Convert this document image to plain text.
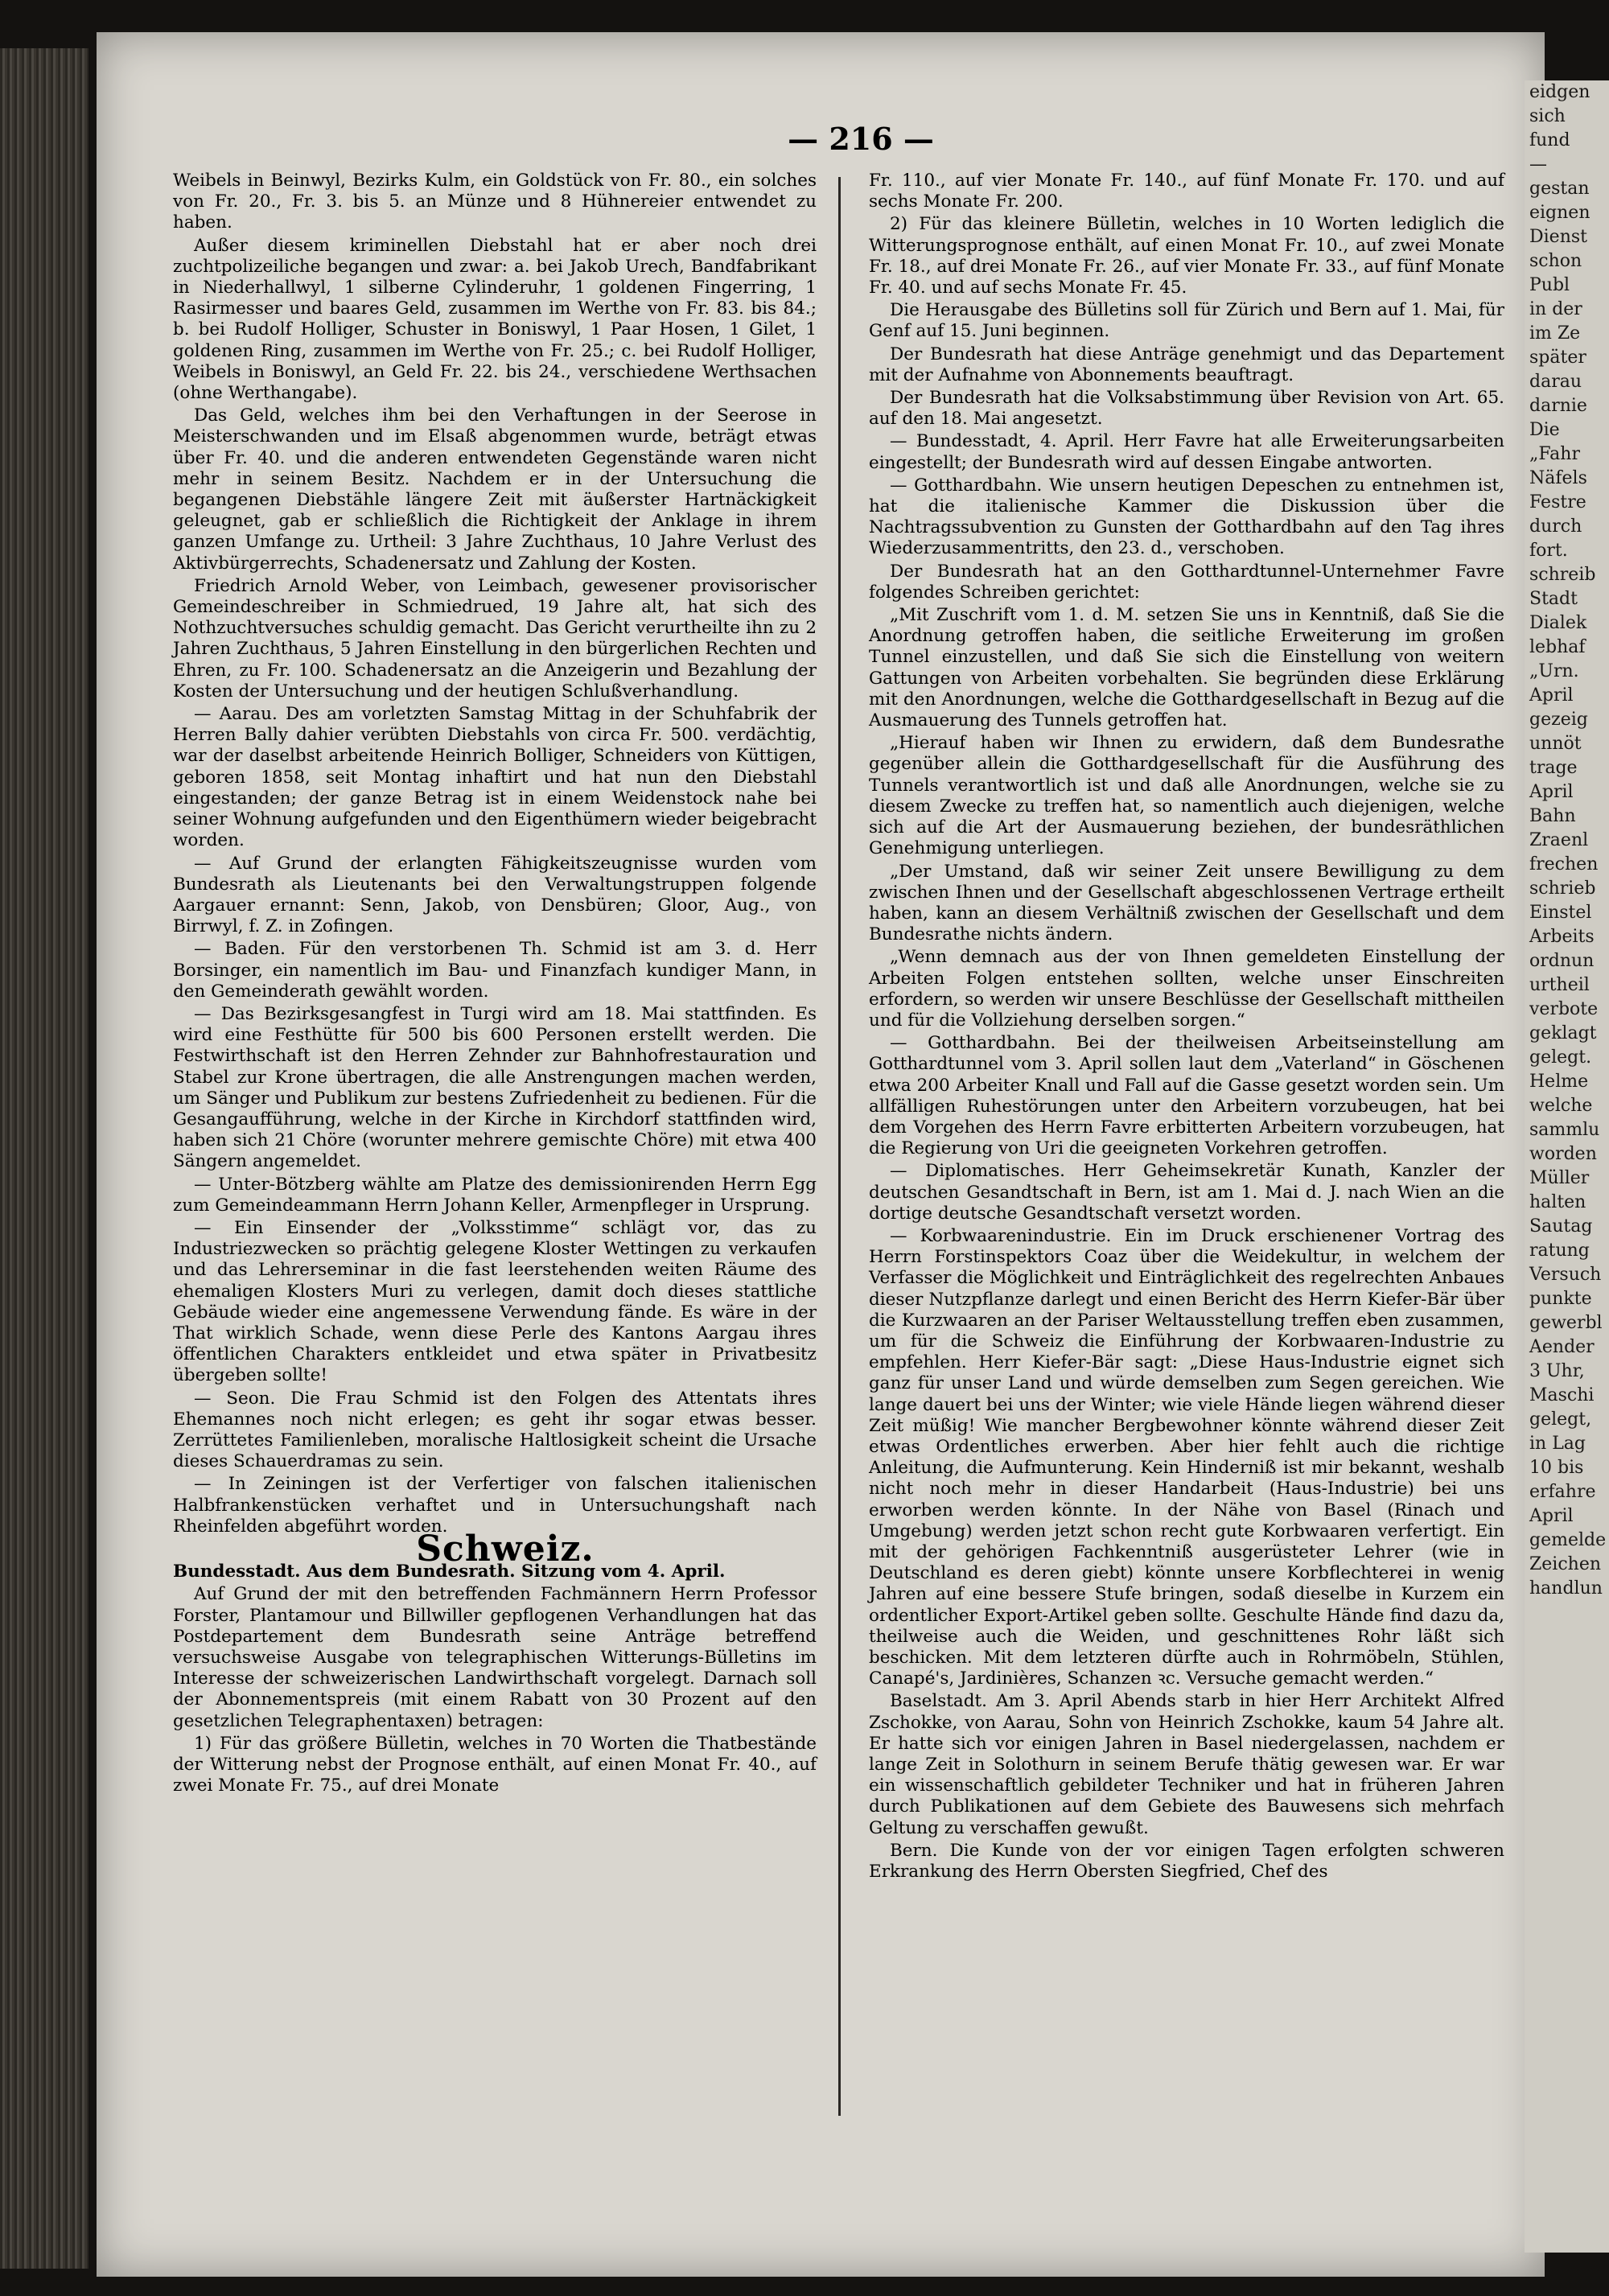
— 216 —

Weibels in Beinwyl, Bezirks Kulm, ein Goldstück von Fr. 80., ein solches von Fr. 20., Fr. 3. bis 5. an Münze und 8 Hühnereier entwendet zu haben.

Außer diesem kriminellen Diebstahl hat er aber noch drei zuchtpolizeiliche begangen und zwar: a. bei Jakob Urech, Bandfabrikant in Niederhallwyl, 1 silberne Cylinderuhr, 1 goldenen Fingerring, 1 Rasirmesser und baares Geld, zusammen im Werthe von Fr. 83. bis 84.; b. bei Rudolf Holliger, Schuster in Boniswyl, 1 Paar Hosen, 1 Gilet, 1 goldenen Ring, zusammen im Werthe von Fr. 25.; c. bei Rudolf Holliger, Weibels in Boniswyl, an Geld Fr. 22. bis 24., verschiedene Werthsachen (ohne Werthangabe).

Das Geld, welches ihm bei den Verhaftungen in der Seerose in Meisterschwanden und im Elsaß abgenommen wurde, beträgt etwas über Fr. 40. und die anderen entwendeten Gegenstände waren nicht mehr in seinem Besitz. Nachdem er in der Untersuchung die begangenen Diebstähle längere Zeit mit äußerster Hartnäckigkeit geleugnet, gab er schließlich die Richtigkeit der Anklage in ihrem ganzen Umfange zu. Urtheil: 3 Jahre Zuchthaus, 10 Jahre Verlust des Aktivbürgerrechts, Schadenersatz und Zahlung der Kosten.

Friedrich Arnold Weber, von Leimbach, gewesener provisorischer Gemeindeschreiber in Schmiedrued, 19 Jahre alt, hat sich des Nothzuchtversuches schuldig gemacht. Das Gericht verurtheilte ihn zu 2 Jahren Zuchthaus, 5 Jahren Einstellung in den bürgerlichen Rechten und Ehren, zu Fr. 100. Schadenersatz an die Anzeigerin und Bezahlung der Kosten der Untersuchung und der heutigen Schlußverhandlung.

— Aarau. Des am vorletzten Samstag Mittag in der Schuhfabrik der Herren Bally dahier verübten Diebstahls von circa Fr. 500. verdächtig, war der daselbst arbeitende Heinrich Bolliger, Schneiders von Küttigen, geboren 1858, seit Montag inhaftirt und hat nun den Diebstahl eingestanden; der ganze Betrag ist in einem Weidenstock nahe bei seiner Wohnung aufgefunden und den Eigenthümern wieder beigebracht worden.

— Auf Grund der erlangten Fähigkeitszeugnisse wurden vom Bundesrath als Lieutenants bei den Verwaltungstruppen folgende Aargauer ernannt: Senn, Jakob, von Densbüren; Gloor, Aug., von Birrwyl, f. Z. in Zofingen.

— Baden. Für den verstorbenen Th. Schmid ist am 3. d. Herr Borsinger, ein namentlich im Bau- und Finanzfach kundiger Mann, in den Gemeinderath gewählt worden.

— Das Bezirksgesangfest in Turgi wird am 18. Mai stattfinden. Es wird eine Festhütte für 500 bis 600 Personen erstellt werden. Die Festwirthschaft ist den Herren Zehnder zur Bahnhofrestauration und Stabel zur Krone übertragen, die alle Anstrengungen machen werden, um Sänger und Publikum zur bestens Zufriedenheit zu bedienen. Für die Gesangaufführung, welche in der Kirche in Kirchdorf stattfinden wird, haben sich 21 Chöre (worunter mehrere gemischte Chöre) mit etwa 400 Sängern angemeldet.

— Unter-Bötzberg wählte am Platze des demissionirenden Herrn Egg zum Gemeindeammann Herrn Johann Keller, Armenpfleger in Ursprung.

— Ein Einsender der „Volksstimme“ schlägt vor, das zu Industriezwecken so prächtig gelegene Kloster Wettingen zu verkaufen und das Lehrerseminar in die fast leerstehenden weiten Räume des ehemaligen Klosters Muri zu verlegen, damit doch dieses stattliche Gebäude wieder eine angemessene Verwendung fände. Es wäre in der That wirklich Schade, wenn diese Perle des Kantons Aargau ihres öffentlichen Charakters entkleidet und etwa später in Privatbesitz übergeben sollte!

— Seon. Die Frau Schmid ist den Folgen des Attentats ihres Ehemannes noch nicht erlegen; es geht ihr sogar etwas besser. Zerrüttetes Familienleben, moralische Haltlosigkeit scheint die Ursache dieses Schauerdramas zu sein.

— In Zeiningen ist der Verfertiger von falschen italienischen Halbfrankenstücken verhaftet und in Untersuchungshaft nach Rheinfelden abgeführt worden.

Schweiz.

Bundesstadt. Aus dem Bundesrath. Sitzung vom 4. April.

Auf Grund der mit den betreffenden Fachmännern Herrn Professor Forster, Plantamour und Billwiller gepflogenen Verhandlungen hat das Postdepartement dem Bundesrath seine Anträge betreffend versuchsweise Ausgabe von telegraphischen Witterungs-Bülletins im Interesse der schweizerischen Landwirthschaft vorgelegt. Darnach soll der Abonnementspreis (mit einem Rabatt von 30 Prozent auf den gesetzlichen Telegraphentaxen) betragen:

1) Für das größere Bülletin, welches in 70 Worten die Thatbestände der Witterung nebst der Prognose enthält, auf einen Monat Fr. 40., auf zwei Monate Fr. 75., auf drei Monate

Fr. 110., auf vier Monate Fr. 140., auf fünf Monate Fr. 170. und auf sechs Monate Fr. 200.

2) Für das kleinere Bülletin, welches in 10 Worten lediglich die Witterungsprognose enthält, auf einen Monat Fr. 10., auf zwei Monate Fr. 18., auf drei Monate Fr. 26., auf vier Monate Fr. 33., auf fünf Monate Fr. 40. und auf sechs Monate Fr. 45.

Die Herausgabe des Bülletins soll für Zürich und Bern auf 1. Mai, für Genf auf 15. Juni beginnen.

Der Bundesrath hat diese Anträge genehmigt und das Departement mit der Aufnahme von Abonnements beauftragt.

Der Bundesrath hat die Volksabstimmung über Revision von Art. 65. auf den 18. Mai angesetzt.

— Bundesstadt, 4. April. Herr Favre hat alle Erweiterungsarbeiten eingestellt; der Bundesrath wird auf dessen Eingabe antworten.

— Gotthardbahn. Wie unsern heutigen Depeschen zu entnehmen ist, hat die italienische Kammer die Diskussion über die Nachtragssubvention zu Gunsten der Gotthardbahn auf den Tag ihres Wiederzusammentritts, den 23. d., verschoben.

Der Bundesrath hat an den Gotthardtunnel-Unternehmer Favre folgendes Schreiben gerichtet:

„Mit Zuschrift vom 1. d. M. setzen Sie uns in Kenntniß, daß Sie die Anordnung getroffen haben, die seitliche Erweiterung im großen Tunnel einzustellen, und daß Sie sich die Einstellung von weitern Gattungen von Arbeiten vorbehalten. Sie begründen diese Erklärung mit den Anordnungen, welche die Gotthardgesellschaft in Bezug auf die Ausmauerung des Tunnels getroffen hat.

„Hierauf haben wir Ihnen zu erwidern, daß dem Bundesrathe gegenüber allein die Gotthardgesellschaft für die Ausführung des Tunnels verantwortlich ist und daß alle Anordnungen, welche sie zu diesem Zwecke zu treffen hat, so namentlich auch diejenigen, welche sich auf die Art der Ausmauerung beziehen, der bundesräthlichen Genehmigung unterliegen.

„Der Umstand, daß wir seiner Zeit unsere Bewilligung zu dem zwischen Ihnen und der Gesellschaft abgeschlossenen Vertrage ertheilt haben, kann an diesem Verhältniß zwischen der Gesellschaft und dem Bundesrathe nichts ändern.

„Wenn demnach aus der von Ihnen gemeldeten Einstellung der Arbeiten Folgen entstehen sollten, welche unser Einschreiten erfordern, so werden wir unsere Beschlüsse der Gesellschaft mittheilen und für die Vollziehung derselben sorgen.“

— Gotthardbahn. Bei der theilweisen Arbeitseinstellung am Gotthardtunnel vom 3. April sollen laut dem „Vaterland“ in Göschenen etwa 200 Arbeiter Knall und Fall auf die Gasse gesetzt worden sein. Um allfälligen Ruhestörungen unter den Arbeitern vorzubeugen, hat bei dem Vorgehen des Herrn Favre erbitterten Arbeitern vorzubeugen, hat die Regierung von Uri die geeigneten Vorkehren getroffen.

— Diplomatisches. Herr Geheimsekretär Kunath, Kanzler der deutschen Gesandtschaft in Bern, ist am 1. Mai d. J. nach Wien an die dortige deutsche Gesandtschaft versetzt worden.

— Korbwaarenindustrie. Ein im Druck erschienener Vortrag des Herrn Forstinspektors Coaz über die Weidekultur, in welchem der Verfasser die Möglichkeit und Einträglichkeit des regelrechten Anbaues dieser Nutzpflanze darlegt und einen Bericht des Herrn Kiefer-Bär über die Kurzwaaren an der Pariser Weltausstellung treffen eben zusammen, um für die Schweiz die Einführung der Korbwaaren-Industrie zu empfehlen. Herr Kiefer-Bär sagt: „Diese Haus-Industrie eignet sich ganz für unser Land und würde demselben zum Segen gereichen. Wie lange dauert bei uns der Winter; wie viele Hände liegen während dieser Zeit müßig! Wie mancher Bergbewohner könnte während dieser Zeit etwas Ordentliches erwerben. Aber hier fehlt auch die richtige Anleitung, die Aufmunterung. Kein Hinderniß ist mir bekannt, weshalb nicht noch mehr in dieser Handarbeit (Haus-Industrie) bei uns erworben werden könnte. In der Nähe von Basel (Rinach und Umgebung) werden jetzt schon recht gute Korbwaaren verfertigt. Ein mit der gehörigen Fachkenntniß ausgerüsteter Lehrer (wie in Deutschland es deren giebt) könnte unsere Korbflechterei in wenig Jahren auf eine bessere Stufe bringen, sodaß dieselbe in Kurzem ein ordentlicher Export-Artikel geben sollte. Geschulte Hände find dazu da, theilweise auch die Weiden, und geschnittenes Rohr läßt sich beschicken. Mit dem letzteren dürfte auch in Rohrmöbeln, Stühlen, Canapé's, Jardinières, Schanzen ꝛc. Versuche gemacht werden.“

Baselstadt. Am 3. April Abends starb in hier Herr Architekt Alfred Zschokke, von Aarau, Sohn von Heinrich Zschokke, kaum 54 Jahre alt. Er hatte sich vor einigen Jahren in Basel niedergelassen, nachdem er lange Zeit in Solothurn in seinem Berufe thätig gewesen war. Er war ein wissenschaftlich gebildeter Techniker und hat in früheren Jahren durch Publikationen auf dem Gebiete des Bauwesens sich mehrfach Geltung zu verschaffen gewußt.

Bern. Die Kunde von der vor einigen Tagen erfolgten schweren Erkrankung des Herrn Obersten Siegfried, Chef des

eidgen
sich
fund
—
gestan
eignen
Dienst
schon
Publ
in der
im Ze
später
darau
darnie
Die
„Fahr
Näfels
Festre
durch
fort.
schreib
Stadt
Dialek
lebhaf
„Urn.
April
gezeig
unnöt
trage
April
Bahn
Zraenl
frechen
schrieb
Einstel
Arbeits
ordnun
urtheil
verbote
geklagt
gelegt.
Helme
welche
sammlu
worden
Müller
halten
Sautag
ratung
Versuch
punkte
gewerbl
Aender
3 Uhr,
Maschi
gelegt,
in Lag
10 bis
erfahre
April
gemelde
Zeichen
handlun
